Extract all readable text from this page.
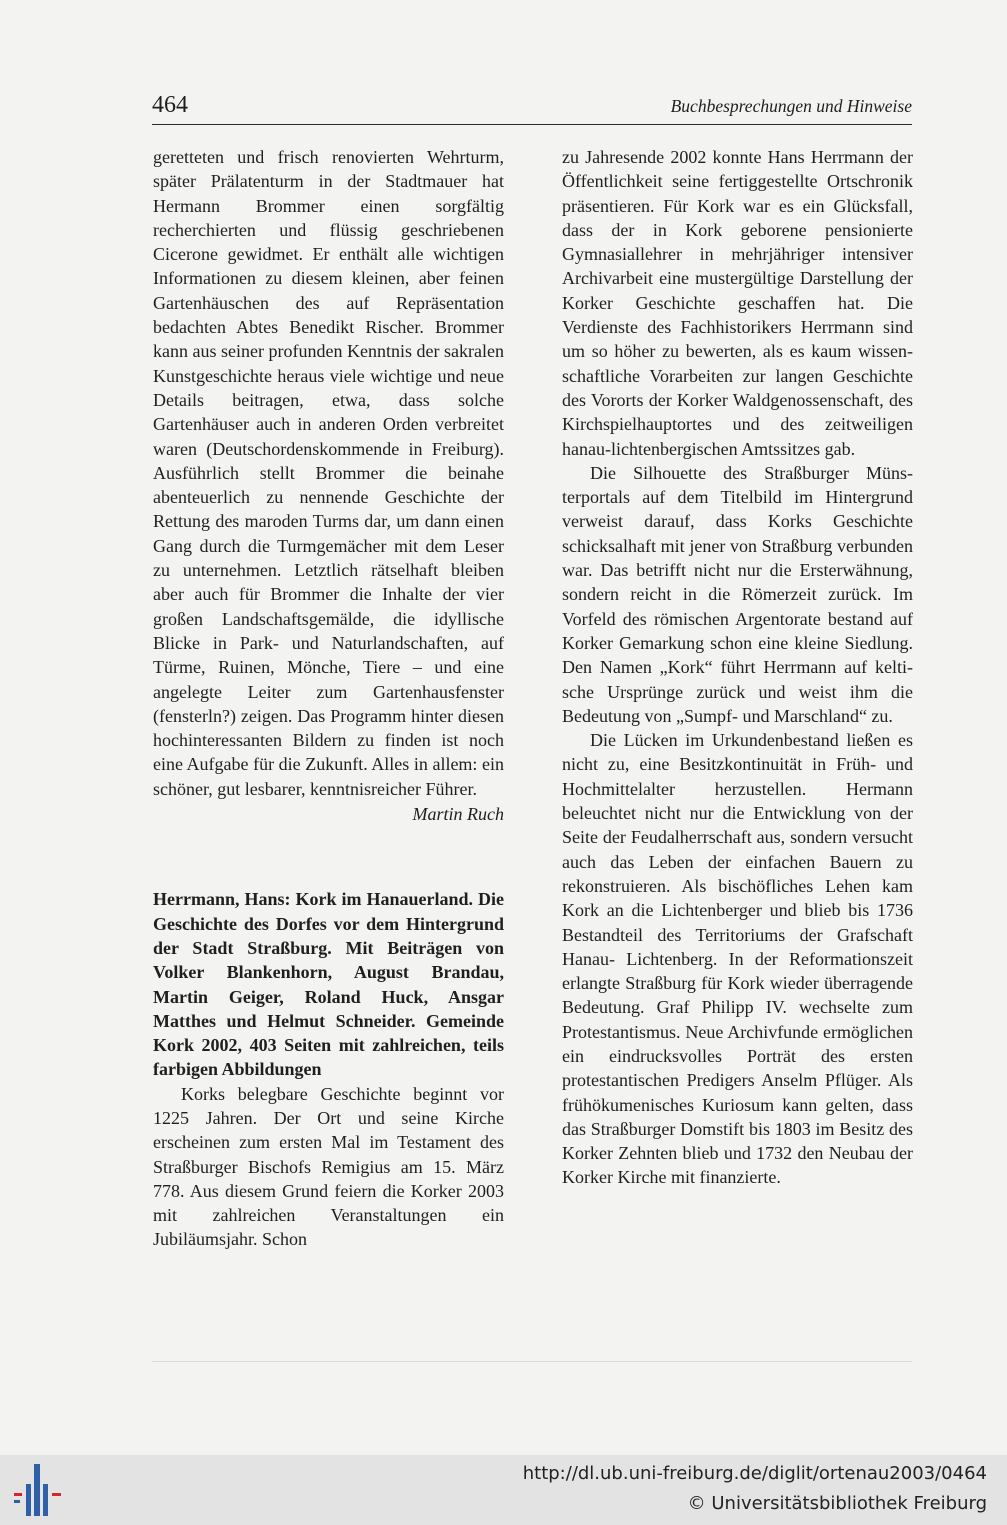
464	Buchbesprechungen und Hinweise

geretteten und frisch renovierten Wehrturm, später Prälatenturm in der Stadtmauer hat Hermann Brommer einen sorgfältig recherchierten und flüssig geschriebenen Cicerone gewidmet. Er enthält alle wichtigen Informationen zu diesem kleinen, aber feinen Gartenhäuschen des auf Repräsentation bedachten Abtes Benedikt Rischer. Brommer kann aus seiner profunden Kenntnis der sakralen Kunstgeschichte heraus viele wichtige und neue Details beitragen, etwa, dass solche Gartenhäuser auch in anderen Orden verbreitet waren (Deutschordenskommende in Freiburg). Ausführlich stellt Brommer die beinahe abenteuerlich zu nennende Geschichte der Rettung des maroden Turms dar, um dann einen Gang durch die Turmgemächer mit dem Leser zu unternehmen. Letztlich rätselhaft bleiben aber auch für Brommer die Inhalte der vier großen Landschaftsgemälde, die idyllische Blicke in Park- und Naturlandschaften, auf Türme, Ruinen, Mönche, Tiere – und eine angelegte Leiter zum Gartenhausfenster (fensterln?) zeigen. Das Programm hinter diesen hochinteressanten Bildern zu finden ist noch eine Aufgabe für die Zukunft. Alles in allem: ein schöner, gut lesbarer, kenntnisreicher Führer.

Martin Ruch

Herrmann, Hans: Kork im Hanauerland. Die Geschichte des Dorfes vor dem Hintergrund der Stadt Straßburg. Mit Beiträgen von Volker Blankenhorn, August Brandau, Martin Geiger, Roland Huck, Ansgar Matthes und Helmut Schneider. Gemeinde Kork 2002, 403 Seiten mit zahlreichen, teils farbigen Abbildungen

Korks belegbare Geschichte beginnt vor 1225 Jahren. Der Ort und seine Kirche erscheinen zum ersten Mal im Testament des Straßburger Bischofs Remigius am 15. März 778. Aus diesem Grund feiern die Korker 2003 mit zahlreichen Veranstaltungen ein Jubiläumsjahr. Schon

zu Jahresende 2002 konnte Hans Herrmann der Öffentlichkeit seine fertiggestellte Ortschronik präsentieren. Für Kork war es ein Glücksfall, dass der in Kork geborene pensionierte Gymnasiallehrer in mehrjähriger intensiver Archivarbeit eine mustergültige Darstellung der Korker Geschichte geschaffen hat. Die Verdienste des Fachhistorikers Herrmann sind um so höher zu bewerten, als es kaum wissenschaftliche Vorarbeiten zur langen Geschichte des Vororts der Korker Waldgenossenschaft, des Kirchspielhauptortes und des zeitweiligen hanau-lichtenbergischen Amtssitzes gab.

Die Silhouette des Straßburger Münsterportals auf dem Titelbild im Hintergrund verweist darauf, dass Korks Geschichte schicksalhaft mit jener von Straßburg verbunden war. Das betrifft nicht nur die Ersterwähnung, sondern reicht in die Römerzeit zurück. Im Vorfeld des römischen Argentorate bestand auf Korker Gemarkung schon eine kleine Siedlung. Den Namen „Kork“ führt Herrmann auf keltische Ursprünge zurück und weist ihm die Bedeutung von „Sumpf- und Marschland“ zu.

Die Lücken im Urkundenbestand ließen es nicht zu, eine Besitzkontinuität in Früh- und Hochmittelalter herzustellen. Hermann beleuchtet nicht nur die Entwicklung von der Seite der Feudalherrschaft aus, sondern versucht auch das Leben der einfachen Bauern zu rekonstruieren. Als bischöfliches Lehen kam Kork an die Lichtenberger und blieb bis 1736 Bestandteil des Territoriums der Grafschaft Hanau- Lichtenberg. In der Reformationszeit erlangte Straßburg für Kork wieder überragende Bedeutung. Graf Philipp IV. wechselte zum Protestantismus. Neue Archivfunde ermöglichen ein eindrucksvolles Porträt des ersten protestantischen Predigers Anselm Pflüger. Als frühökumenisches Kuriosum kann gelten, dass das Straßburger Domstift bis 1803 im Besitz des Korker Zehnten blieb und 1732 den Neubau der Korker Kirche mit finanzierte.

http://dl.ub.uni-freiburg.de/diglit/ortenau2003/0464
© Universitätsbibliothek Freiburg
